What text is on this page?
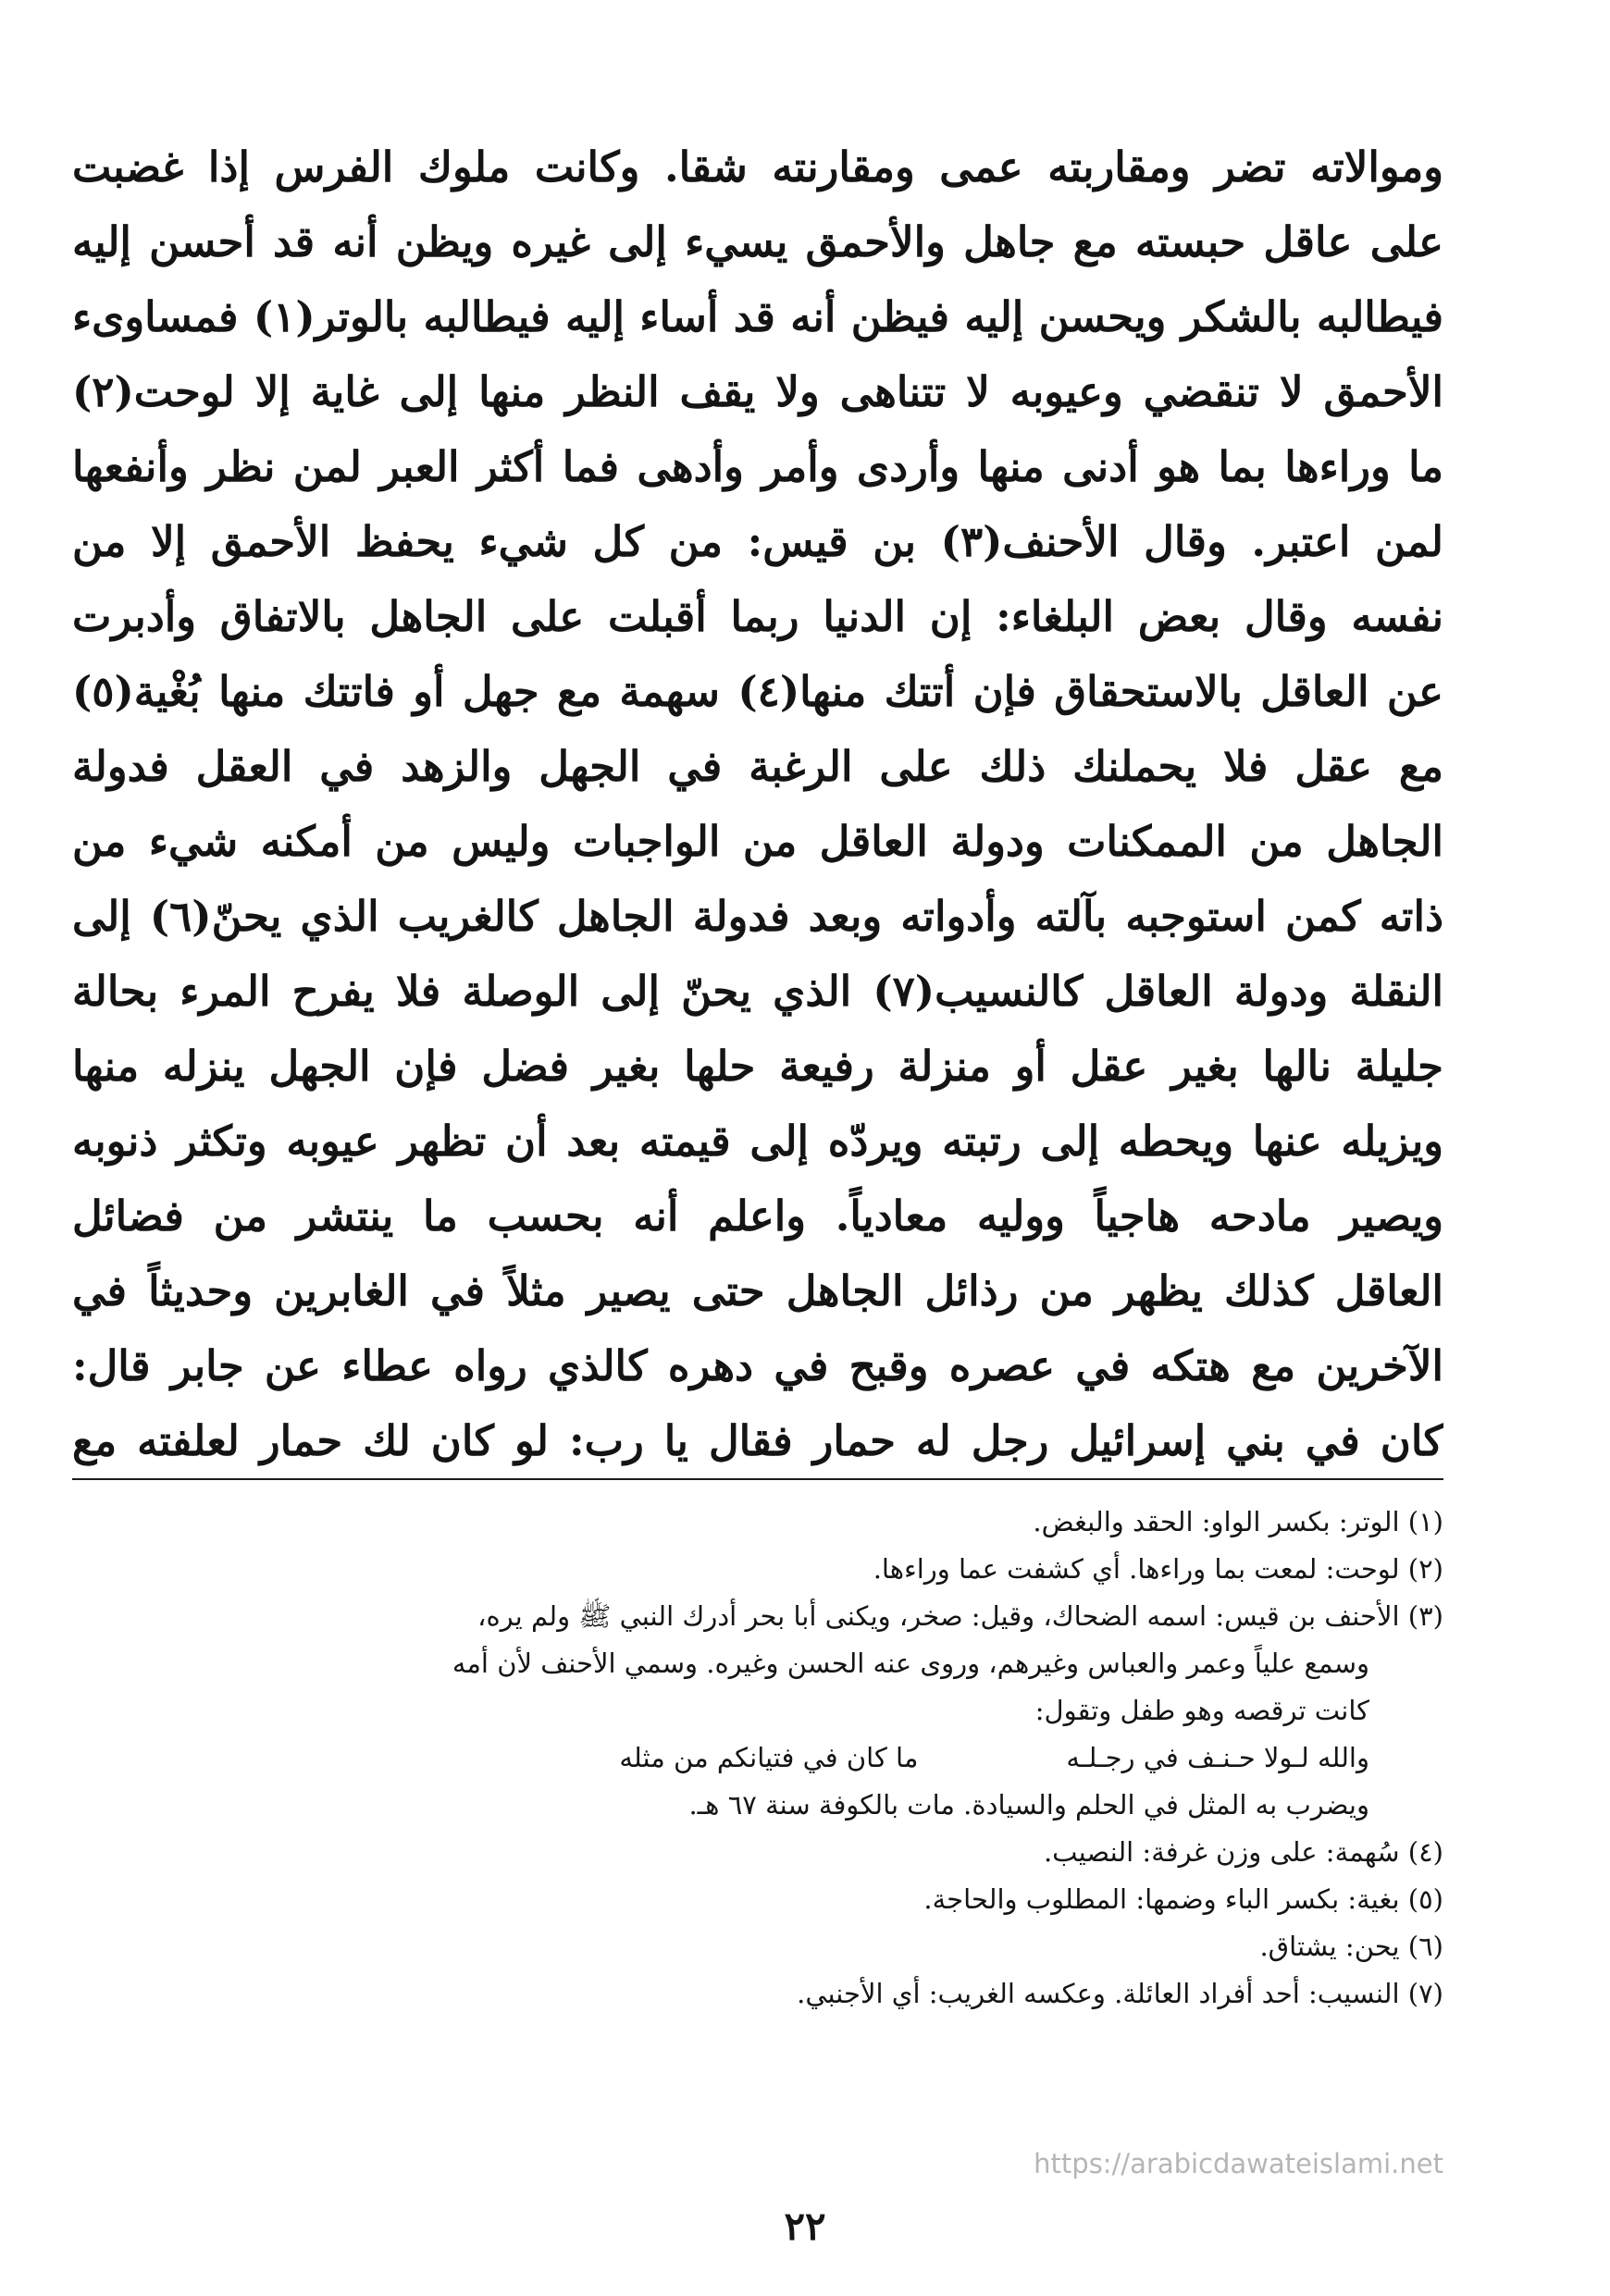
وموالاته تضر ومقاربته عمى ومقارنته شقا. وكانت ملوك الفرس إذا غضبت
على عاقل حبسته مع جاهل والأحمق يسيء إلى غيره ويظن أنه قد أحسن إليه
فيطالبه بالشكر ويحسن إليه فيظن أنه قد أساء إليه فيطالبه بالوتر(١) فمساوىء
الأحمق لا تنقضي وعيوبه لا تتناهى ولا يقف النظر منها إلى غاية إلا لوحت(٢)
ما وراءها بما هو أدنى منها وأردى وأمر وأدهى فما أكثر العبر لمن نظر وأنفعها
لمن اعتبر. وقال الأحنف(٣) بن قيس: من كل شيء يحفظ الأحمق إلا من
نفسه وقال بعض البلغاء: إن الدنيا ربما أقبلت على الجاهل بالاتفاق وأدبرت
عن العاقل بالاستحقاق فإن أتتك منها(٤) سهمة مع جهل أو فاتتك منها بُغْية(٥)
مع عقل فلا يحملنك ذلك على الرغبة في الجهل والزهد في العقل فدولة
الجاهل من الممكنات ودولة العاقل من الواجبات وليس من أمكنه شيء من
ذاته كمن استوجبه بآلته وأدواته وبعد فدولة الجاهل كالغريب الذي يحنّ(٦) إلى
النقلة ودولة العاقل كالنسيب(٧) الذي يحنّ إلى الوصلة فلا يفرح المرء بحالة
جليلة نالها بغير عقل أو منزلة رفيعة حلها بغير فضل فإن الجهل ينزله منها
ويزيله عنها ويحطه إلى رتبته ويردّه إلى قيمته بعد أن تظهر عيوبه وتكثر ذنوبه
ويصير مادحه هاجياً ووليه معادياً. واعلم أنه بحسب ما ينتشر من فضائل
العاقل كذلك يظهر من رذائل الجاهل حتى يصير مثلاً في الغابرين وحديثاً في
الآخرين مع هتكه في عصره وقبح في دهره كالذي رواه عطاء عن جابر قال:
كان في بني إسرائيل رجل له حمار فقال يا رب: لو كان لك حمار لعلفته مع
(١) الوتر: بكسر الواو: الحقد والبغض.
(٢) لوحت: لمعت بما وراءها. أي كشفت عما وراءها.
(٣) الأحنف بن قيس: اسمه الضحاك، وقيل: صخر، ويكنى أبا بحر أدرك النبي ﷺ ولم يره،
وسمع علياً وعمر والعباس وغيرهم، وروى عنه الحسن وغيره. وسمي الأحنف لأن أمه
كانت ترقصه وهو طفل وتقول:
والله لـولا حـنـف في رجـلـه
ما كان في فتيانكم من مثله
ويضرب به المثل في الحلم والسيادة. مات بالكوفة سنة ٦٧ هـ.
(٤) سُهمة: على وزن غرفة: النصيب.
(٥) بغية: بكسر الباء وضمها: المطلوب والحاجة.
(٦) يحن: يشتاق.
(٧) النسيب: أحد أفراد العائلة. وعكسه الغريب: أي الأجنبي.
https://arabicdawateislami.net
٢٢
